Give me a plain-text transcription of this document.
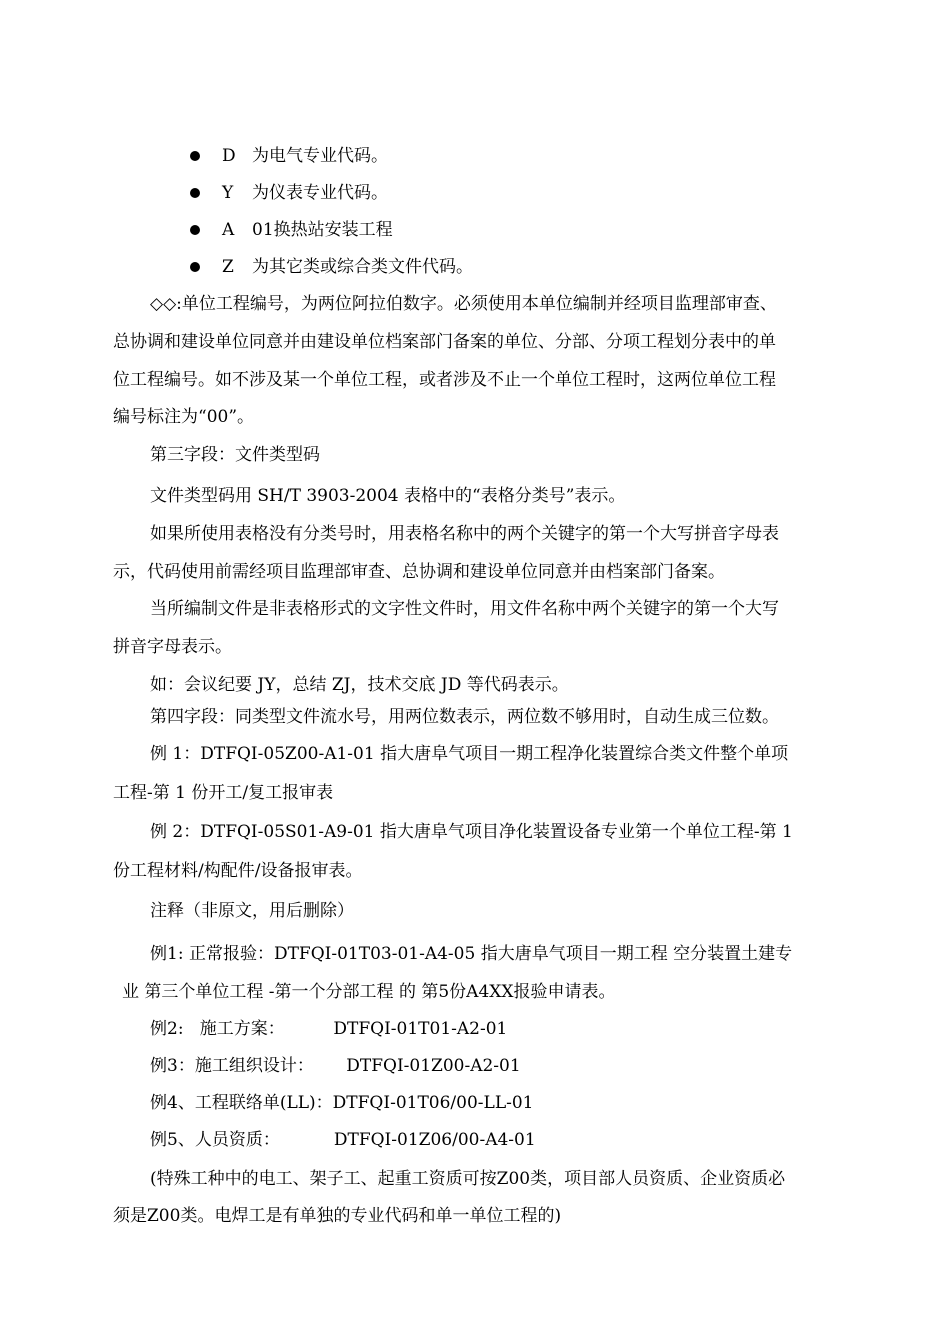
D 为电气专业代码。
Y 为仪表专业代码。
A 01换热站安装工程
Z 为其它类或综合类文件代码。
◇◇:单位工程编号，为两位阿拉伯数字。必须使用本单位编制并经项目监理部审查、
总协调和建设单位同意并由建设单位档案部门备案的单位、分部、分项工程划分表中的单
位工程编号。如不涉及某一个单位工程，或者涉及不止一个单位工程时，这两位单位工程
编号标注为“00”。
第三字段：文件类型码
文件类型码用 SH/T 3903-2004 表格中的“表格分类号”表示。
如果所使用表格没有分类号时，用表格名称中的两个关键字的第一个大写拼音字母表
示，代码使用前需经项目监理部审查、总协调和建设单位同意并由档案部门备案。
当所编制文件是非表格形式的文字性文件时，用文件名称中两个关键字的第一个大写
拼音字母表示。
如：会议纪要 JY，总结 ZJ，技术交底 JD 等代码表示。
第四字段：同类型文件流水号，用两位数表示，两位数不够用时，自动生成三位数。
例 1：DTFQⅠ-05Z00-A1-01 指大唐阜气项目一期工程净化装置综合类文件整个单项
工程-第 1 份开工/复工报审表
例 2：DTFQⅠ-05S01-A9-01 指大唐阜气项目净化装置设备专业第一个单位工程-第 1
份工程材料/构配件/设备报审表。
注释（非原文，用后删除）
例1: 正常报验：DTFQⅠ-01T03-01-A4-05 指大唐阜气项目一期工程 空分装置土建专
业 第三个单位工程 -第一个分部工程 的 第5份A4XX报验申请表。
例2:   施工方案：         DTFQⅠ-01T01-A2-01
例3：施工组织设计：      DTFQⅠ-01Z00-A2-01
例4、工程联络单(LL)：DTFQⅠ-01T06/00-LL-01
例5、人员资质：          DTFQⅠ-01Z06/00-A4-01
(特殊工种中的电工、架子工、起重工资质可按Z00类，项目部人员资质、企业资质必
须是Z00类。电焊工是有单独的专业代码和单一单位工程的)
